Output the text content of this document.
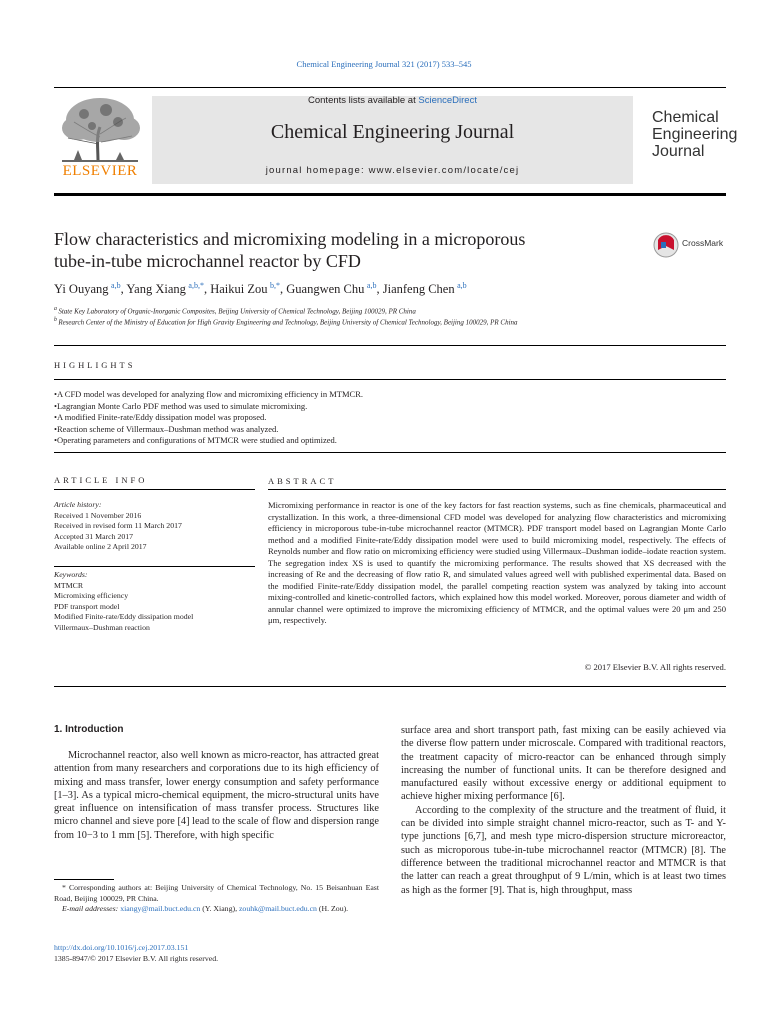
Chemical Engineering Journal 321 (2017) 533–545
Contents lists available at ScienceDirect
Chemical Engineering Journal
journal homepage: www.elsevier.com/locate/cej
ELSEVIER
Chemical
Engineering
Journal
Flow characteristics and micromixing modeling in a microporous
tube-in-tube microchannel reactor by CFD
CrossMark
Yi Ouyang  $^{a,b}$, Yang Xiang  $^{a,b,*}$, Haikui Zou  $^{b,*}$, Guangwen Chu  $^{a,b}$, Jianfeng Chen  $^{a,b}$
$^a$ State Key Laboratory of Organic-Inorganic Composites, Beijing University of Chemical Technology, Beijing 100029, PR China
$^b$ Research Center of the Ministry of Education for High Gravity Engineering and Technology, Beijing University of Chemical Technology, Beijing 100029, PR China
HIGHLIGHTS
• A CFD model was developed for analyzing flow and micromixing efficiency in MTMCR.
• Lagrangian Monte Carlo PDF method was used to simulate micromixing.
• A modified Finite-rate/Eddy dissipation model was proposed.
• Reaction scheme of Villermaux–Dushman method was analyzed.
• Operating parameters and configurations of MTMCR were studied and optimized.
ARTICLE INFO
Article history:
Received 1 November 2016
Received in revised form 11 March 2017
Accepted 31 March 2017
Available online 2 April 2017
Keywords:
MTMCR
Micromixing efficiency
PDF transport model
Modified Finite-rate/Eddy dissipation model
Villermaux–Dushman reaction
ABSTRACT
Micromixing performance in reactor is one of the key factors for fast reaction systems, such as fine chemicals, pharmaceutical and crystallization. In this work, a three-dimensional CFD model was developed for analyzing flow characteristics and micromixing efficiency in microporous tube-in-tube microchannel reactor (MTMCR). PDF transport model based on Lagrangian Monte Carlo method and a modified Finite-rate/Eddy dissipation model were used to build micromixing model, respectively. The effects of Reynolds number and flow ratio on micromixing efficiency were studied using Villermaux–Dushman iodide–iodate reaction system. The segregation index XS is used to quantify the micromixing performance. The results showed that XS decreased with the increasing of Re and the decreasing of flow ratio R, and simulated values agreed well with published experimental data. Based on the modified Finite-rate/Eddy dissipation model, the parallel competing reaction system was analyzed by taking into account mixing-controlled and kinetic-controlled factors, which explained how this model worked. Moreover, porous diameter and width of annular channel were optimized to improve the micromixing efficiency of MTMCR, and the optimal values were 20 μm and 250 μm, respectively.
© 2017 Elsevier B.V. All rights reserved.
1. Introduction

Microchannel reactor, also well known as micro-reactor, has attracted great attention from many researchers and corporations due to its high efficiency of mixing and mass transfer, lower energy consumption and safety performance [1–3]. As a typical micro-chemical equipment, the micro-structural units have great influence on intensification of mass transfer process. Structures like micro channel and sieve pore [4] lead to the scale of flow and dispersion range from 10−3 to 1 mm [5]. Therefore, with high specific

surface area and short transport path, fast mixing can be easily achieved via the diverse flow pattern under microscale. Compared with traditional reactors, the treatment capacity of micro-reactor can be enhanced through simply increasing the number of functional units. It can be therefore designed and manufactured easily without excessive energy or additional equipment to achieve higher mixing performance [6].

According to the complexity of the structure and the treatment of fluid, it can be divided into simple straight channel micro-reactor, such as T- and Y-type junctions [6,7], and mesh type micro-dispersion structure microreactor, such as microporous tube-in-tube microchannel reactor (MTMCR) [8]. The difference between the traditional microchannel reactor and MTMCR is that the latter can reach a great throughput of 9 L/min, which is at least two times as high as the former [9]. That is, high throughput, mass

* Corresponding authors at: Beijing University of Chemical Technology, No. 15 Beisanhuan East Road, Beijing 100029, PR China.
E-mail addresses: xiangy@mail.buct.edu.cn (Y. Xiang), zouhk@mail.buct.edu.cn (H. Zou).
http://dx.doi.org/10.1016/j.cej.2017.03.151
1385-8947/© 2017 Elsevier B.V. All rights reserved.
